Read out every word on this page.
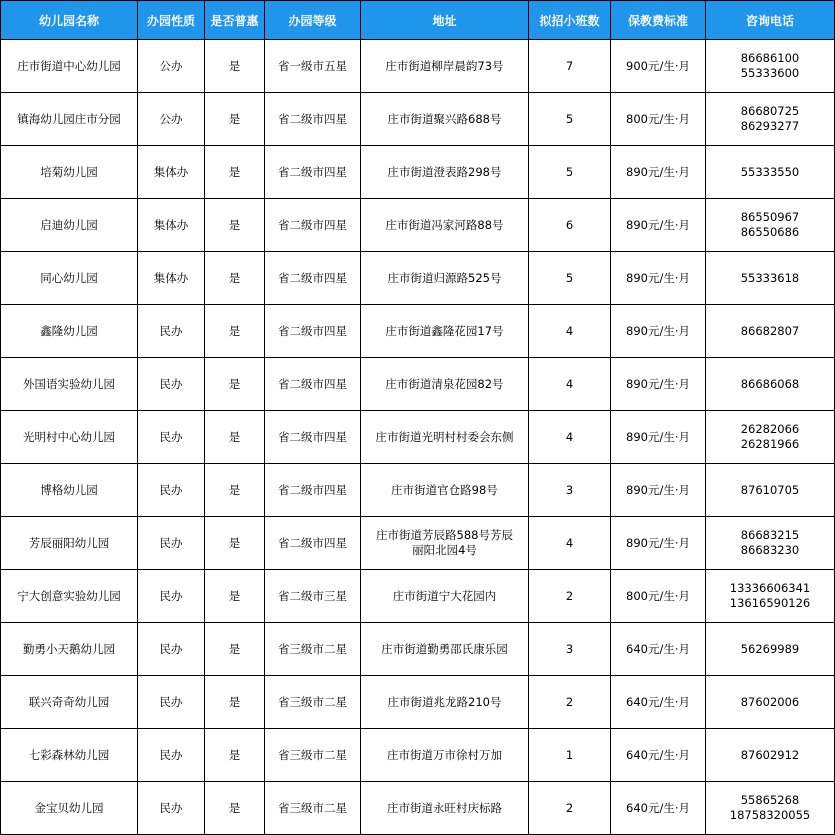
幼儿园名称	办园性质	是否普惠	办园等级	地址	拟招小班数	保教费标准	咨询电话
庄市街道中心幼儿园	公办	是	省一级市五星	庄市街道柳岸晨韵73号	7	900元/生·月	86686100
55333600

镇海幼儿园庄市分园	公办	是	省二级市四星	庄市街道聚兴路688号	5	800元/生·月	86680725
86293277

培菊幼儿园	集体办	是	省二级市四星	庄市街道澄表路298号	5	890元/生·月	55333550

启迪幼儿园	集体办	是	省二级市四星	庄市街道冯家河路88号	6	890元/生·月	86550967
86550686

同心幼儿园	集体办	是	省二级市四星	庄市街道归源路525号	5	890元/生·月	55333618

鑫隆幼儿园	民办	是	省二级市四星	庄市街道鑫隆花园17号	4	890元/生·月	86682807

外国语实验幼儿园	民办	是	省二级市四星	庄市街道清泉花园82号	4	890元/生·月	86686068

光明村中心幼儿园	民办	是	省二级市四星	庄市街道光明村村委会东侧	4	890元/生·月	26282066
26281966

博格幼儿园	民办	是	省二级市四星	庄市街道官仓路98号	3	890元/生·月	87610705

芳辰丽阳幼儿园	民办	是	省二级市四星	庄市街道芳辰路588号芳辰
丽阳北园4号	4	890元/生·月	86683215
86683230

宁大创意实验幼儿园	民办	是	省二级市三星	庄市街道宁大花园内	2	800元/生·月	13336606341
13616590126

勤勇小天鹅幼儿园	民办	是	省三级市二星	庄市街道勤勇邵氏康乐园	3	640元/生·月	56269989

联兴奇奇幼儿园	民办	是	省三级市二星	庄市街道兆龙路210号	2	640元/生·月	87602006

七彩森林幼儿园	民办	是	省三级市二星	庄市街道万市徐村万加	1	640元/生·月	87602912

金宝贝幼儿园	民办	是	省三级市二星	庄市街道永旺村庆标路	2	640元/生·月	55865268
18758320055
